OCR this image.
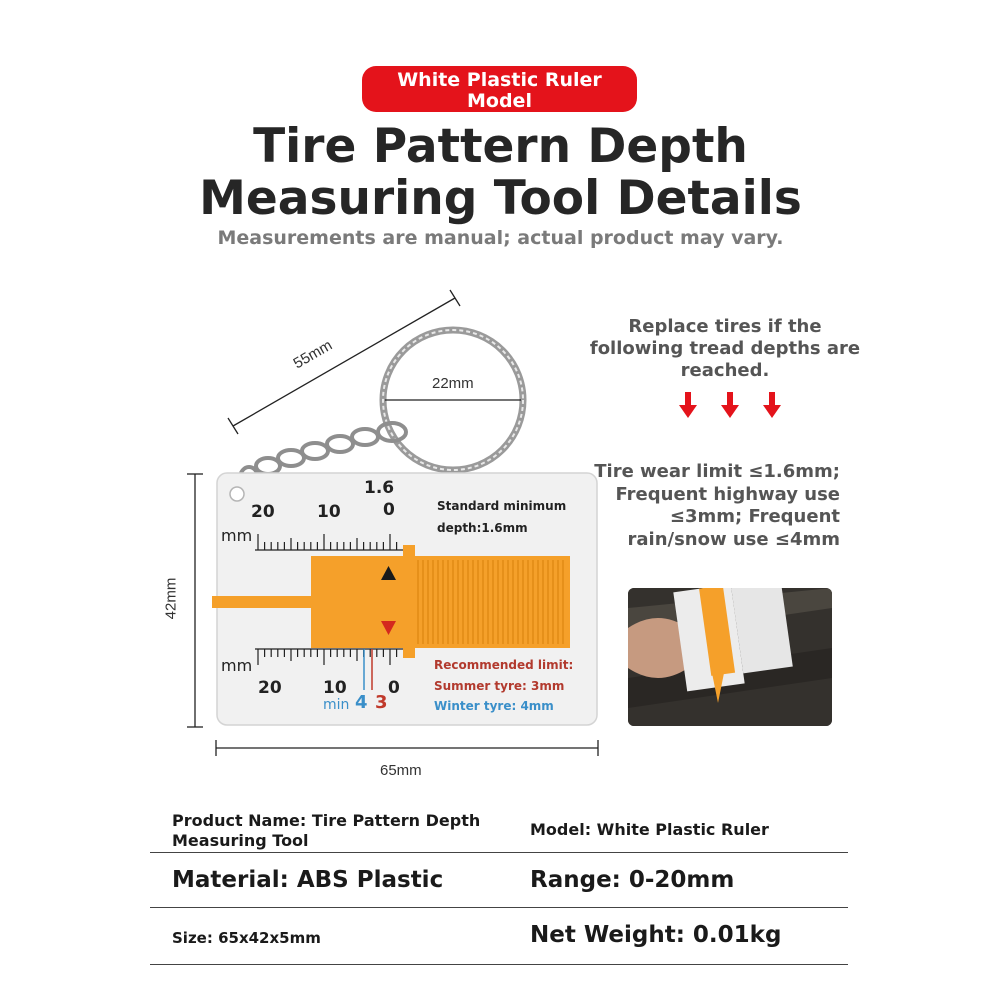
White Plastic Ruler
Model
Tire Pattern Depth
Measuring Tool Details
Measurements are manual; actual product may vary.
55mm
22mm
42mm
65mm
20 10 0
1.6
mm
Standard minimum
depth:1.6mm
mm
20 10 0
min 4 3
Recommended limit:
Summer tyre: 3mm
Winter tyre: 4mm
Replace tires if the
following tread depths are
reached.
Tire wear limit ≤1.6mm;
Frequent highway use
≤3mm; Frequent
rain/snow use ≤4mm
Product Name: Tire Pattern Depth
Measuring Tool
Model: White Plastic Ruler
Material: ABS Plastic	Range: 0-20mm
Size: 65x42x5mm	Net Weight: 0.01kg
